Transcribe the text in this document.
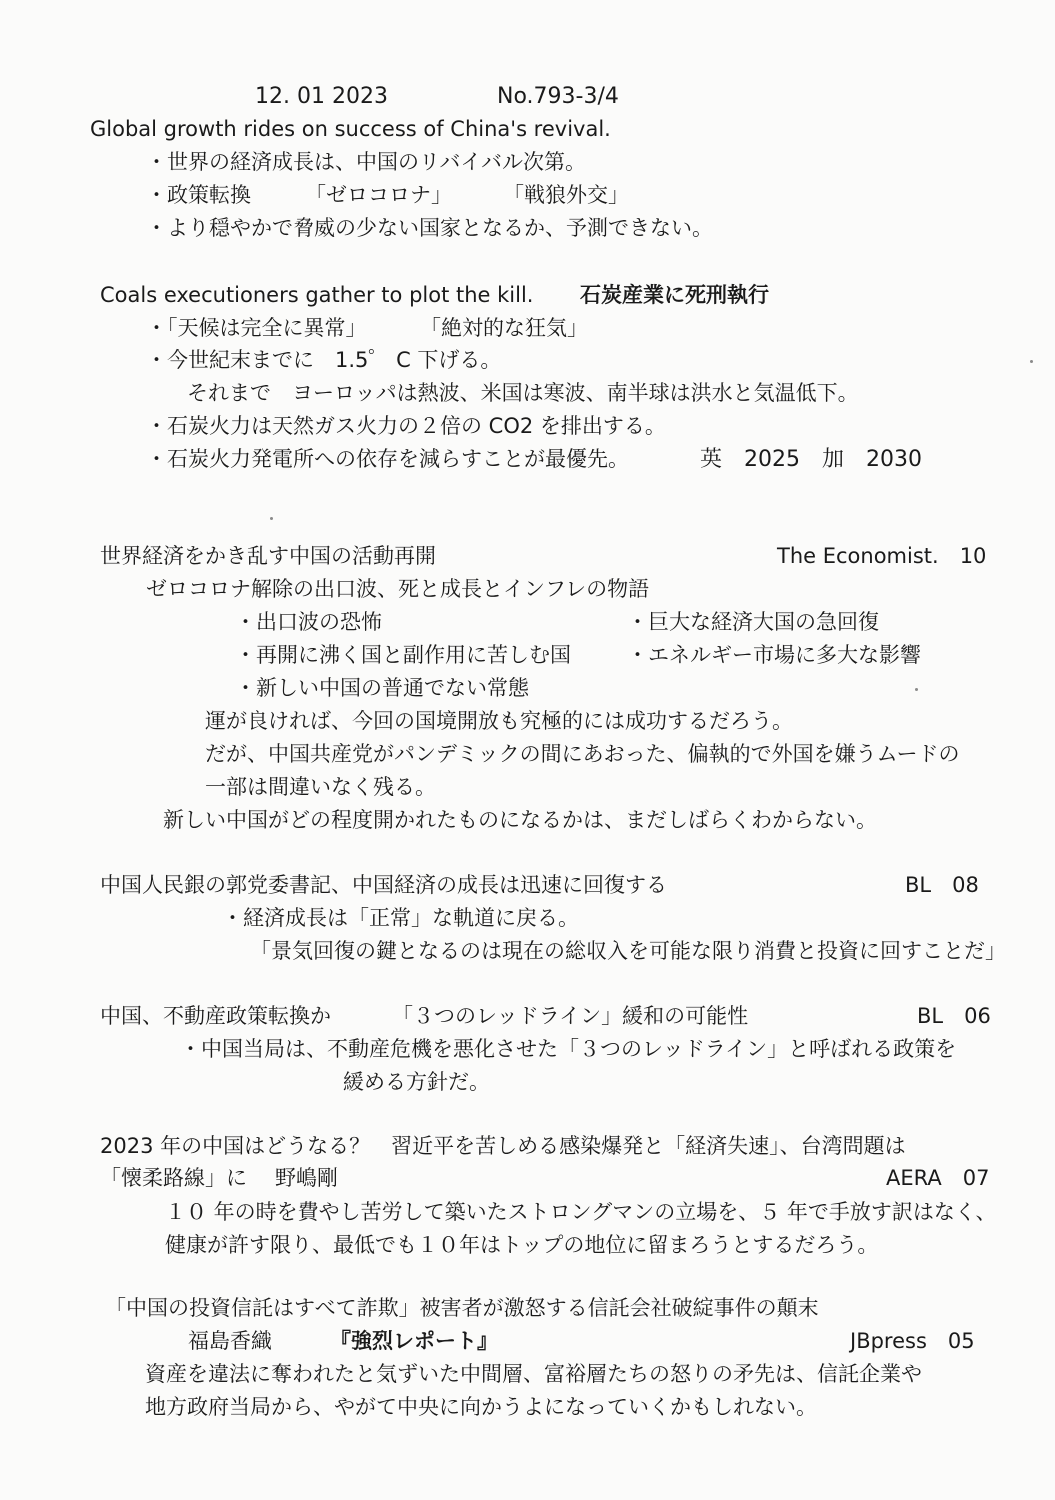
12. 01 2023	No.793-3/4
Global growth rides on success of China's revival.
・世界の経済成長は、中国のリバイバル次第。
・政策転換	「ゼロコロナ」 「戦狼外交」
・より穏やかで脅威の少ない国家となるか、予測できない。
Coals executioners gather to plot the kill. 石炭産業に死刑執行
・「天候は完全に異常」	「絶対的な狂気」
・今世紀末までに　1.5゜ C 下げる。
それまで　ヨーロッパは熱波、米国は寒波、南半球は洪水と気温低下。
・石炭火力は天然ガス火力の２倍の CO2 を排出する。
・石炭火力発電所への依存を減らすことが最優先。	英　2025　加　2030
世界経済をかき乱す中国の活動再開	The Economist.　10
ゼロコロナ解除の出口波、死と成長とインフレの物語
・出口波の恐怖	・巨大な経済大国の急回復
・再開に沸く国と副作用に苦しむ国	・エネルギー市場に多大な影響
・新しい中国の普通でない常態
運が良ければ、今回の国境開放も究極的には成功するだろう。
だが、中国共産党がパンデミックの間にあおった、偏執的で外国を嫌うムードの
一部は間違いなく残る。
新しい中国がどの程度開かれたものになるかは、まだしばらくわからない。
中国人民銀の郭党委書記、中国経済の成長は迅速に回復する	BL　08
・経済成長は「正常」な軌道に戻る。
「景気回復の鍵となるのは現在の総収入を可能な限り消費と投資に回すことだ」
中国、不動産政策転換か	「３つのレッドライン」緩和の可能性	BL　06
・中国当局は、不動産危機を悪化させた「３つのレッドライン」と呼ばれる政策を
緩める方針だ。
2023 年の中国はどうなる？　習近平を苦しめる感染爆発と「経済失速」、台湾問題は
「懐柔路線」に 野嶋剛	AERA　07
１０ 年の時を費やし苦労して築いたストロングマンの立場を、５ 年で手放す訳はなく、
健康が許す限り、最低でも１０年はトップの地位に留まろうとするだろう。
「中国の投資信託はすべて詐欺」被害者が激怒する信託会社破綻事件の顛末
福島香織	『強烈レポート』	JBpress　05
資産を違法に奪われたと気ずいた中間層、富裕層たちの怒りの矛先は、信託企業や
地方政府当局から、やがて中央に向かうよになっていくかもしれない。
